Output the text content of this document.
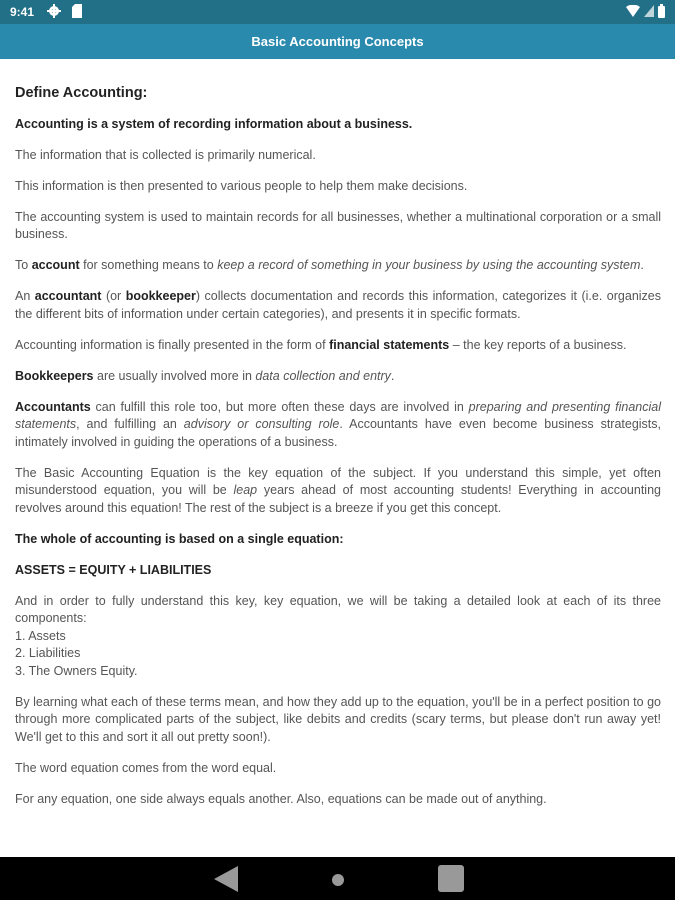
9:41
Basic Accounting Concepts
Define Accounting:

Accounting is a system of recording information about a business.

The information that is collected is primarily numerical.

This information is then presented to various people to help them make decisions.

The accounting system is used to maintain records for all businesses, whether a multinational corporation or a small business.

To account for something means to keep a record of something in your business by using the accounting system.

An accountant (or bookkeeper) collects documentation and records this information, categorizes it (i.e. organizes the different bits of information under certain categories), and presents it in specific formats.

Accounting information is finally presented in the form of financial statements – the key reports of a business.

Bookkeepers are usually involved more in data collection and entry.

Accountants can fulfill this role too, but more often these days are involved in preparing and presenting financial statements, and fulfilling an advisory or consulting role. Accountants have even become business strategists, intimately involved in guiding the operations of a business.

The Basic Accounting Equation is the key equation of the subject. If you understand this simple, yet often misunderstood equation, you will be leap years ahead of most accounting students! Everything in accounting revolves around this equation! The rest of the subject is a breeze if you get this concept.

The whole of accounting is based on a single equation:

ASSETS = EQUITY + LIABILITIES

And in order to fully understand this key, key equation, we will be taking a detailed look at each of its three components:
1. Assets
2. Liabilities
3. The Owners Equity.

By learning what each of these terms mean, and how they add up to the equation, you'll be in a perfect position to go through more complicated parts of the subject, like debits and credits (scary terms, but please don't run away yet! We'll get to this and sort it all out pretty soon!).

The word equation comes from the word equal.

For any equation, one side always equals another. Also, equations can be made out of anything.
